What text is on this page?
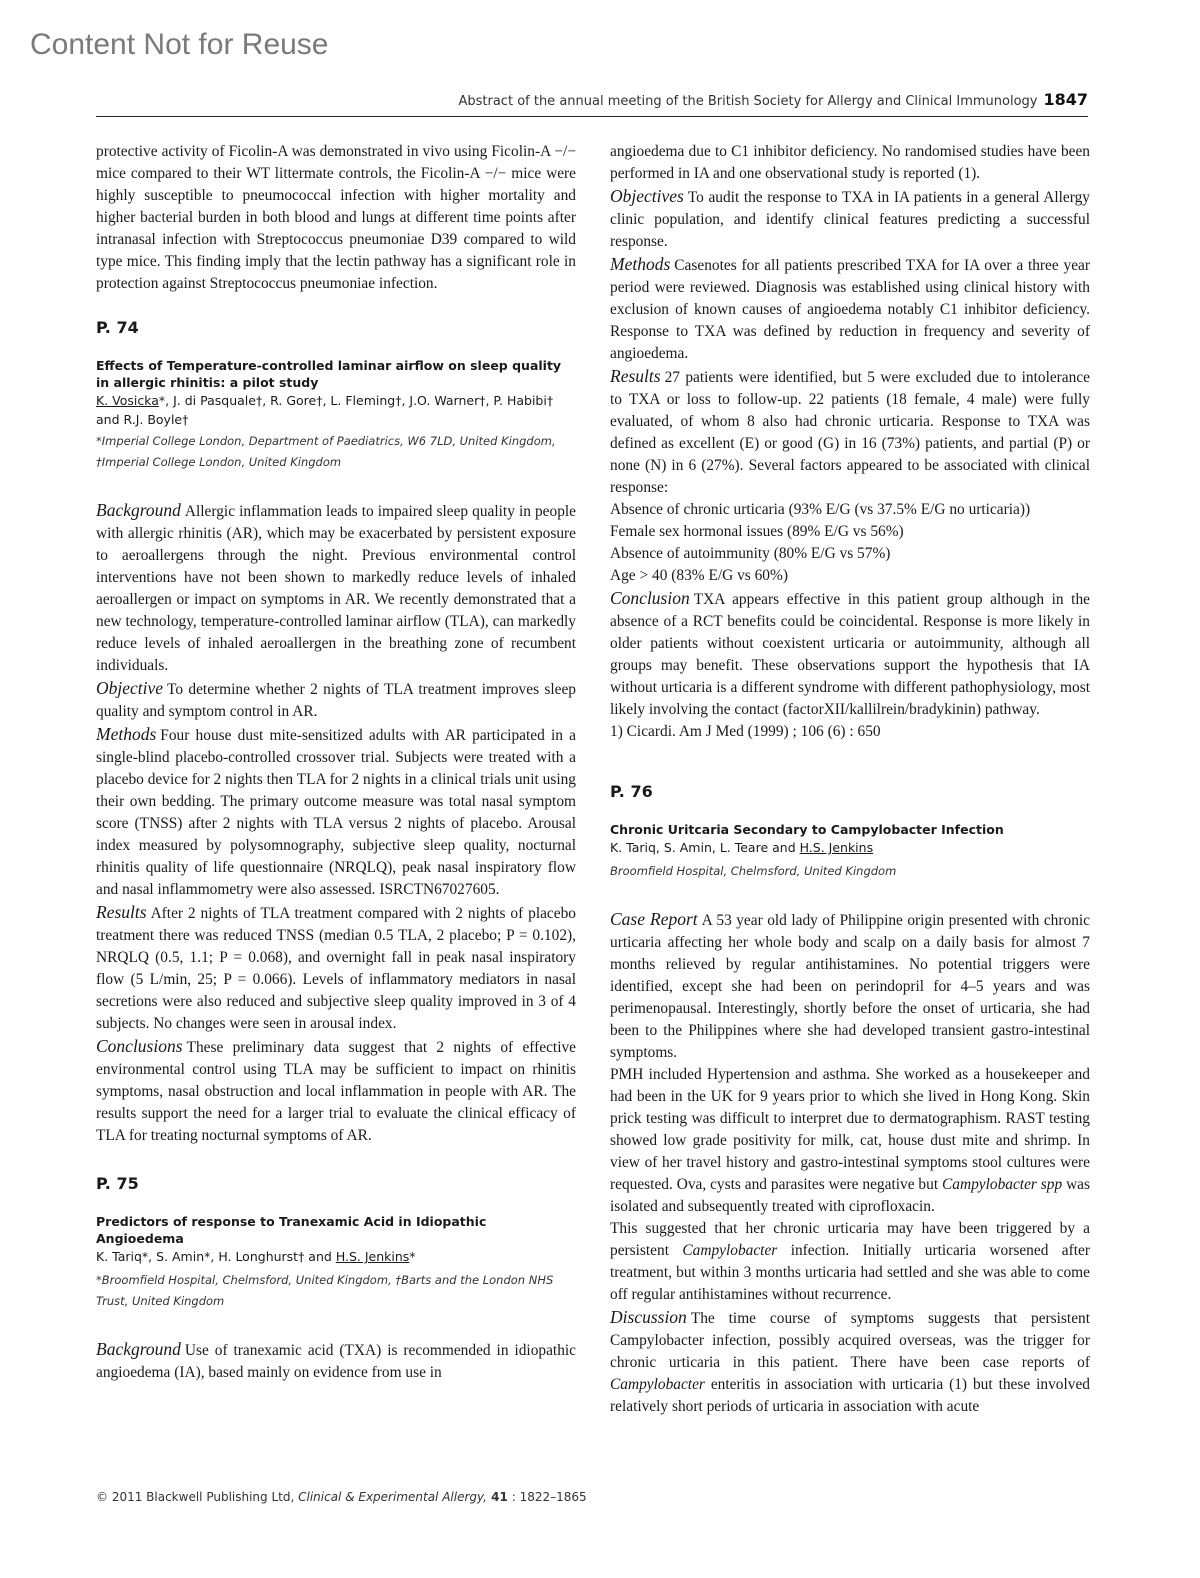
Content Not for Reuse
Abstract of the annual meeting of the British Society for Allergy and Clinical Immunology 1847

protective activity of Ficolin-A was demonstrated in vivo using Ficolin-A −/− mice compared to their WT littermate controls, the Ficolin-A −/− mice were highly susceptible to pneumococcal infection with higher mortality and higher bacterial burden in both blood and lungs at different time points after intranasal infection with Streptococcus pneumoniae D39 compared to wild type mice. This finding imply that the lectin pathway has a significant role in protection against Streptococcus pneumoniae infection.

P. 74
Effects of Temperature-controlled laminar airflow on sleep quality in allergic rhinitis: a pilot study
K. Vosicka*, J. di Pasquale†, R. Gore†, L. Fleming†, J.O. Warner†, P. Habibi† and R.J. Boyle†
*Imperial College London, Department of Paediatrics, W6 7LD, United Kingdom,
†Imperial College London, United Kingdom

Background Allergic inflammation leads to impaired sleep quality in people with allergic rhinitis (AR), which may be exacerbated by persistent exposure to aeroallergens through the night. Previous environmental control interventions have not been shown to markedly reduce levels of inhaled aeroallergen or impact on symptoms in AR. We recently demonstrated that a new technology, temperature-controlled laminar airflow (TLA), can markedly reduce levels of inhaled aeroallergen in the breathing zone of recumbent individuals.

Objective To determine whether 2 nights of TLA treatment improves sleep quality and symptom control in AR.

Methods Four house dust mite-sensitized adults with AR participated in a single-blind placebo-controlled crossover trial. Subjects were treated with a placebo device for 2 nights then TLA for 2 nights in a clinical trials unit using their own bedding. The primary outcome measure was total nasal symptom score (TNSS) after 2 nights with TLA versus 2 nights of placebo. Arousal index measured by polysomnography, subjective sleep quality, nocturnal rhinitis quality of life questionnaire (NRQLQ), peak nasal inspiratory flow and nasal inflammometry were also assessed. ISRCTN67027605.

Results After 2 nights of TLA treatment compared with 2 nights of placebo treatment there was reduced TNSS (median 0.5 TLA, 2 placebo; P = 0.102), NRQLQ (0.5, 1.1; P = 0.068), and overnight fall in peak nasal inspiratory flow (5 L/min, 25; P = 0.066). Levels of inflammatory mediators in nasal secretions were also reduced and subjective sleep quality improved in 3 of 4 subjects. No changes were seen in arousal index.

Conclusions These preliminary data suggest that 2 nights of effective environmental control using TLA may be sufficient to impact on rhinitis symptoms, nasal obstruction and local inflammation in people with AR. The results support the need for a larger trial to evaluate the clinical efficacy of TLA for treating nocturnal symptoms of AR.

P. 75
Predictors of response to Tranexamic Acid in Idiopathic Angioedema
K. Tariq*, S. Amin*, H. Longhurst† and H.S. Jenkins*
*Broomfield Hospital, Chelmsford, United Kingdom, †Barts and the London NHS Trust, United Kingdom

Background Use of tranexamic acid (TXA) is recommended in idiopathic angioedema (IA), based mainly on evidence from use in

angioedema due to C1 inhibitor deficiency. No randomised studies have been performed in IA and one observational study is reported (1).

Objectives To audit the response to TXA in IA patients in a general Allergy clinic population, and identify clinical features predicting a successful response.

Methods Casenotes for all patients prescribed TXA for IA over a three year period were reviewed. Diagnosis was established using clinical history with exclusion of known causes of angioedema notably C1 inhibitor deficiency. Response to TXA was defined by reduction in frequency and severity of angioedema.

Results 27 patients were identified, but 5 were excluded due to intolerance to TXA or loss to follow-up. 22 patients (18 female, 4 male) were fully evaluated, of whom 8 also had chronic urticaria. Response to TXA was defined as excellent (E) or good (G) in 16 (73%) patients, and partial (P) or none (N) in 6 (27%). Several factors appeared to be associated with clinical response:

Absence of chronic urticaria (93% E/G (vs 37.5% E/G no urticaria))

Female sex hormonal issues (89% E/G vs 56%)

Absence of autoimmunity (80% E/G vs 57%)

Age > 40 (83% E/G vs 60%)

Conclusion TXA appears effective in this patient group although in the absence of a RCT benefits could be coincidental. Response is more likely in older patients without coexistent urticaria or autoimmunity, although all groups may benefit. These observations support the hypothesis that IA without urticaria is a different syndrome with different pathophysiology, most likely involving the contact (factorXII/kallilrein/bradykinin) pathway.

1) Cicardi. Am J Med (1999) ; 106 (6) : 650

P. 76
Chronic Uritcaria Secondary to Campylobacter Infection
K. Tariq, S. Amin, L. Teare and H.S. Jenkins
Broomfield Hospital, Chelmsford, United Kingdom

Case Report A 53 year old lady of Philippine origin presented with chronic urticaria affecting her whole body and scalp on a daily basis for almost 7 months relieved by regular antihistamines. No potential triggers were identified, except she had been on perindopril for 4–5 years and was perimenopausal. Interestingly, shortly before the onset of urticaria, she had been to the Philippines where she had developed transient gastro-intestinal symptoms.

PMH included Hypertension and asthma. She worked as a housekeeper and had been in the UK for 9 years prior to which she lived in Hong Kong. Skin prick testing was difficult to interpret due to dermatographism. RAST testing showed low grade positivity for milk, cat, house dust mite and shrimp. In view of her travel history and gastro-intestinal symptoms stool cultures were requested. Ova, cysts and parasites were negative but Campylobacter spp was isolated and subsequently treated with ciprofloxacin.

This suggested that her chronic urticaria may have been triggered by a persistent Campylobacter infection. Initially urticaria worsened after treatment, but within 3 months urticaria had settled and she was able to come off regular antihistamines without recurrence.

Discussion The time course of symptoms suggests that persistent Campylobacter infection, possibly acquired overseas, was the trigger for chronic urticaria in this patient. There have been case reports of Campylobacter enteritis in association with urticaria (1) but these involved relatively short periods of urticaria in association with acute

© 2011 Blackwell Publishing Ltd, Clinical & Experimental Allergy, 41 : 1822–1865
